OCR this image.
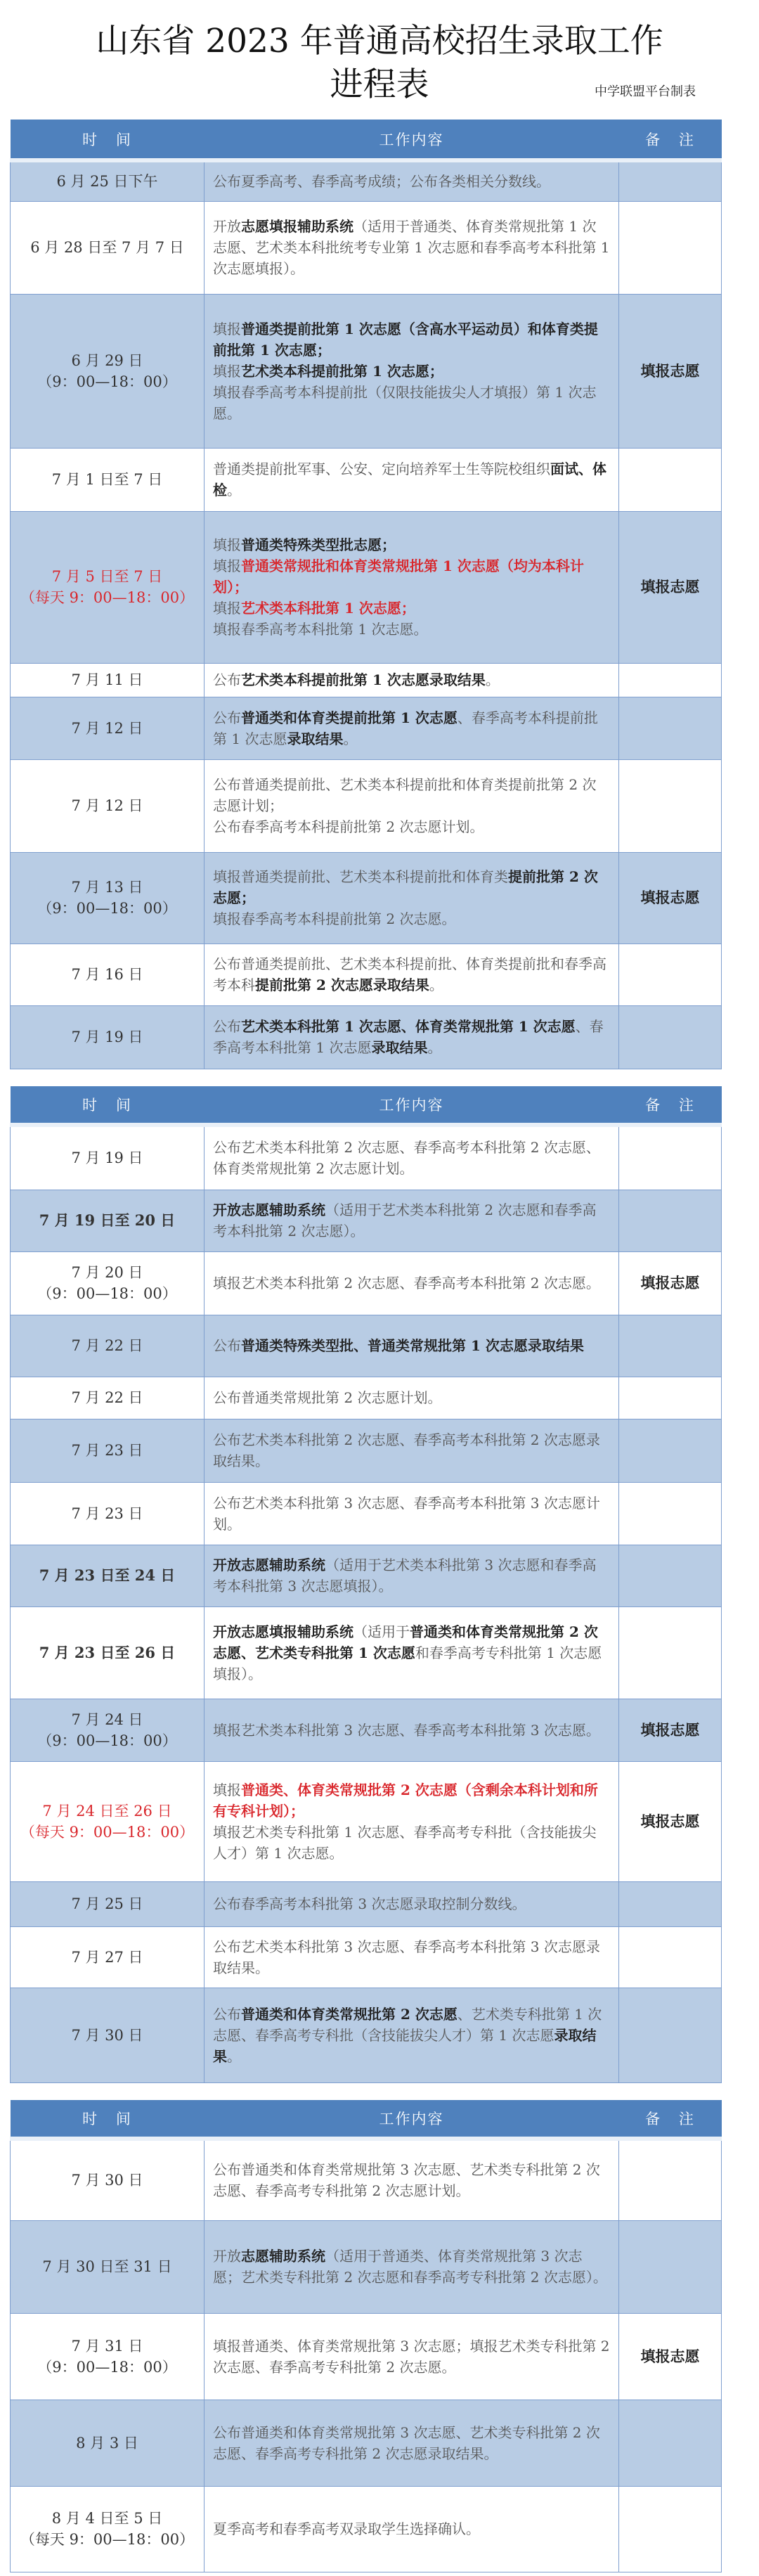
山东省 2023 年普通高校招生录取工作
进程表	中学联盟平台制表
时 间	工作内容	备 注

6 月 25 日下午	公布夏季高考、春季高考成绩；公布各类相关分数线。	

6 月 28 日至 7 月 7 日	开放志愿填报辅助系统（适用于普通类、体育类常规批第 1 次志愿、艺术类本科批统考专业第 1 次志愿和春季高考本科批第 1 次志愿填报）。	

6 月 29 日
（9：00—18：00）	填报普通类提前批第 1 次志愿（含高水平运动员）和体育类提前批第 1 次志愿；
填报艺术类本科提前批第 1 次志愿；
填报春季高考本科提前批（仅限技能拔尖人才填报）第 1 次志愿。	填报志愿

7 月 1 日至 7 日	普通类提前批军事、公安、定向培养军士生等院校组织面试、体检。	

7 月 5 日至 7 日
（每天 9：00—18：00）	填报普通类特殊类型批志愿；
填报普通类常规批和体育类常规批第 1 次志愿（均为本科计划）；
填报艺术类本科批第 1 次志愿；
填报春季高考本科批第 1 次志愿。	填报志愿

7 月 11 日	公布艺术类本科提前批第 1 次志愿录取结果。	

7 月 12 日	公布普通类和体育类提前批第 1 次志愿、春季高考本科提前批第 1 次志愿录取结果。	

7 月 12 日	公布普通类提前批、艺术类本科提前批和体育类提前批第 2 次志愿计划；
公布春季高考本科提前批第 2 次志愿计划。	

7 月 13 日
（9：00—18：00）	填报普通类提前批、艺术类本科提前批和体育类提前批第 2 次志愿；
填报春季高考本科提前批第 2 次志愿。	填报志愿

7 月 16 日	公布普通类提前批、艺术类本科提前批、体育类提前批和春季高考本科提前批第 2 次志愿录取结果。	

7 月 19 日	公布艺术类本科批第 1 次志愿、体育类常规批第 1 次志愿、春季高考本科批第 1 次志愿录取结果。	

时 间	工作内容	备 注

7 月 19 日	公布艺术类本科批第 2 次志愿、春季高考本科批第 2 次志愿、体育类常规批第 2 次志愿计划。	

7 月 19 日至 20 日	开放志愿辅助系统（适用于艺术类本科批第 2 次志愿和春季高考本科批第 2 次志愿）。	

7 月 20 日
（9：00—18：00）	填报艺术类本科批第 2 次志愿、春季高考本科批第 2 次志愿。	填报志愿

7 月 22 日	公布普通类特殊类型批、普通类常规批第 1 次志愿录取结果	

7 月 22 日	公布普通类常规批第 2 次志愿计划。	

7 月 23 日	公布艺术类本科批第 2 次志愿、春季高考本科批第 2 次志愿录取结果。	

7 月 23 日	公布艺术类本科批第 3 次志愿、春季高考本科批第 3 次志愿计划。	

7 月 23 日至 24 日	开放志愿辅助系统（适用于艺术类本科批第 3 次志愿和春季高考本科批第 3 次志愿填报）。	

7 月 23 日至 26 日	开放志愿填报辅助系统（适用于普通类和体育类常规批第 2 次志愿、艺术类专科批第 1 次志愿和春季高考专科批第 1 次志愿填报）。	

7 月 24 日
（9：00—18：00）	填报艺术类本科批第 3 次志愿、春季高考本科批第 3 次志愿。	填报志愿

7 月 24 日至 26 日
（每天 9：00—18：00）	填报普通类、体育类常规批第 2 次志愿（含剩余本科计划和所有专科计划）；
填报艺术类专科批第 1 次志愿、春季高考专科批（含技能拔尖人才）第 1 次志愿。	填报志愿

7 月 25 日	公布春季高考本科批第 3 次志愿录取控制分数线。	

7 月 27 日	公布艺术类本科批第 3 次志愿、春季高考本科批第 3 次志愿录取结果。	

7 月 30 日	公布普通类和体育类常规批第 2 次志愿、艺术类专科批第 1 次志愿、春季高考专科批（含技能拔尖人才）第 1 次志愿录取结果。	

时 间	工作内容	备 注

7 月 30 日	公布普通类和体育类常规批第 3 次志愿、艺术类专科批第 2 次志愿、春季高考专科批第 2 次志愿计划。	

7 月 30 日至 31 日	开放志愿辅助系统（适用于普通类、体育类常规批第 3 次志愿；艺术类专科批第 2 次志愿和春季高考专科批第 2 次志愿）。	

7 月 31 日
（9：00—18：00）	填报普通类、体育类常规批第 3 次志愿；填报艺术类专科批第 2 次志愿、春季高考专科批第 2 次志愿。	填报志愿

8 月 3 日	公布普通类和体育类常规批第 3 次志愿、艺术类专科批第 2 次志愿、春季高考专科批第 2 次志愿录取结果。	

8 月 4 日至 5 日
（每天 9：00—18：00）	夏季高考和春季高考双录取学生选择确认。	
